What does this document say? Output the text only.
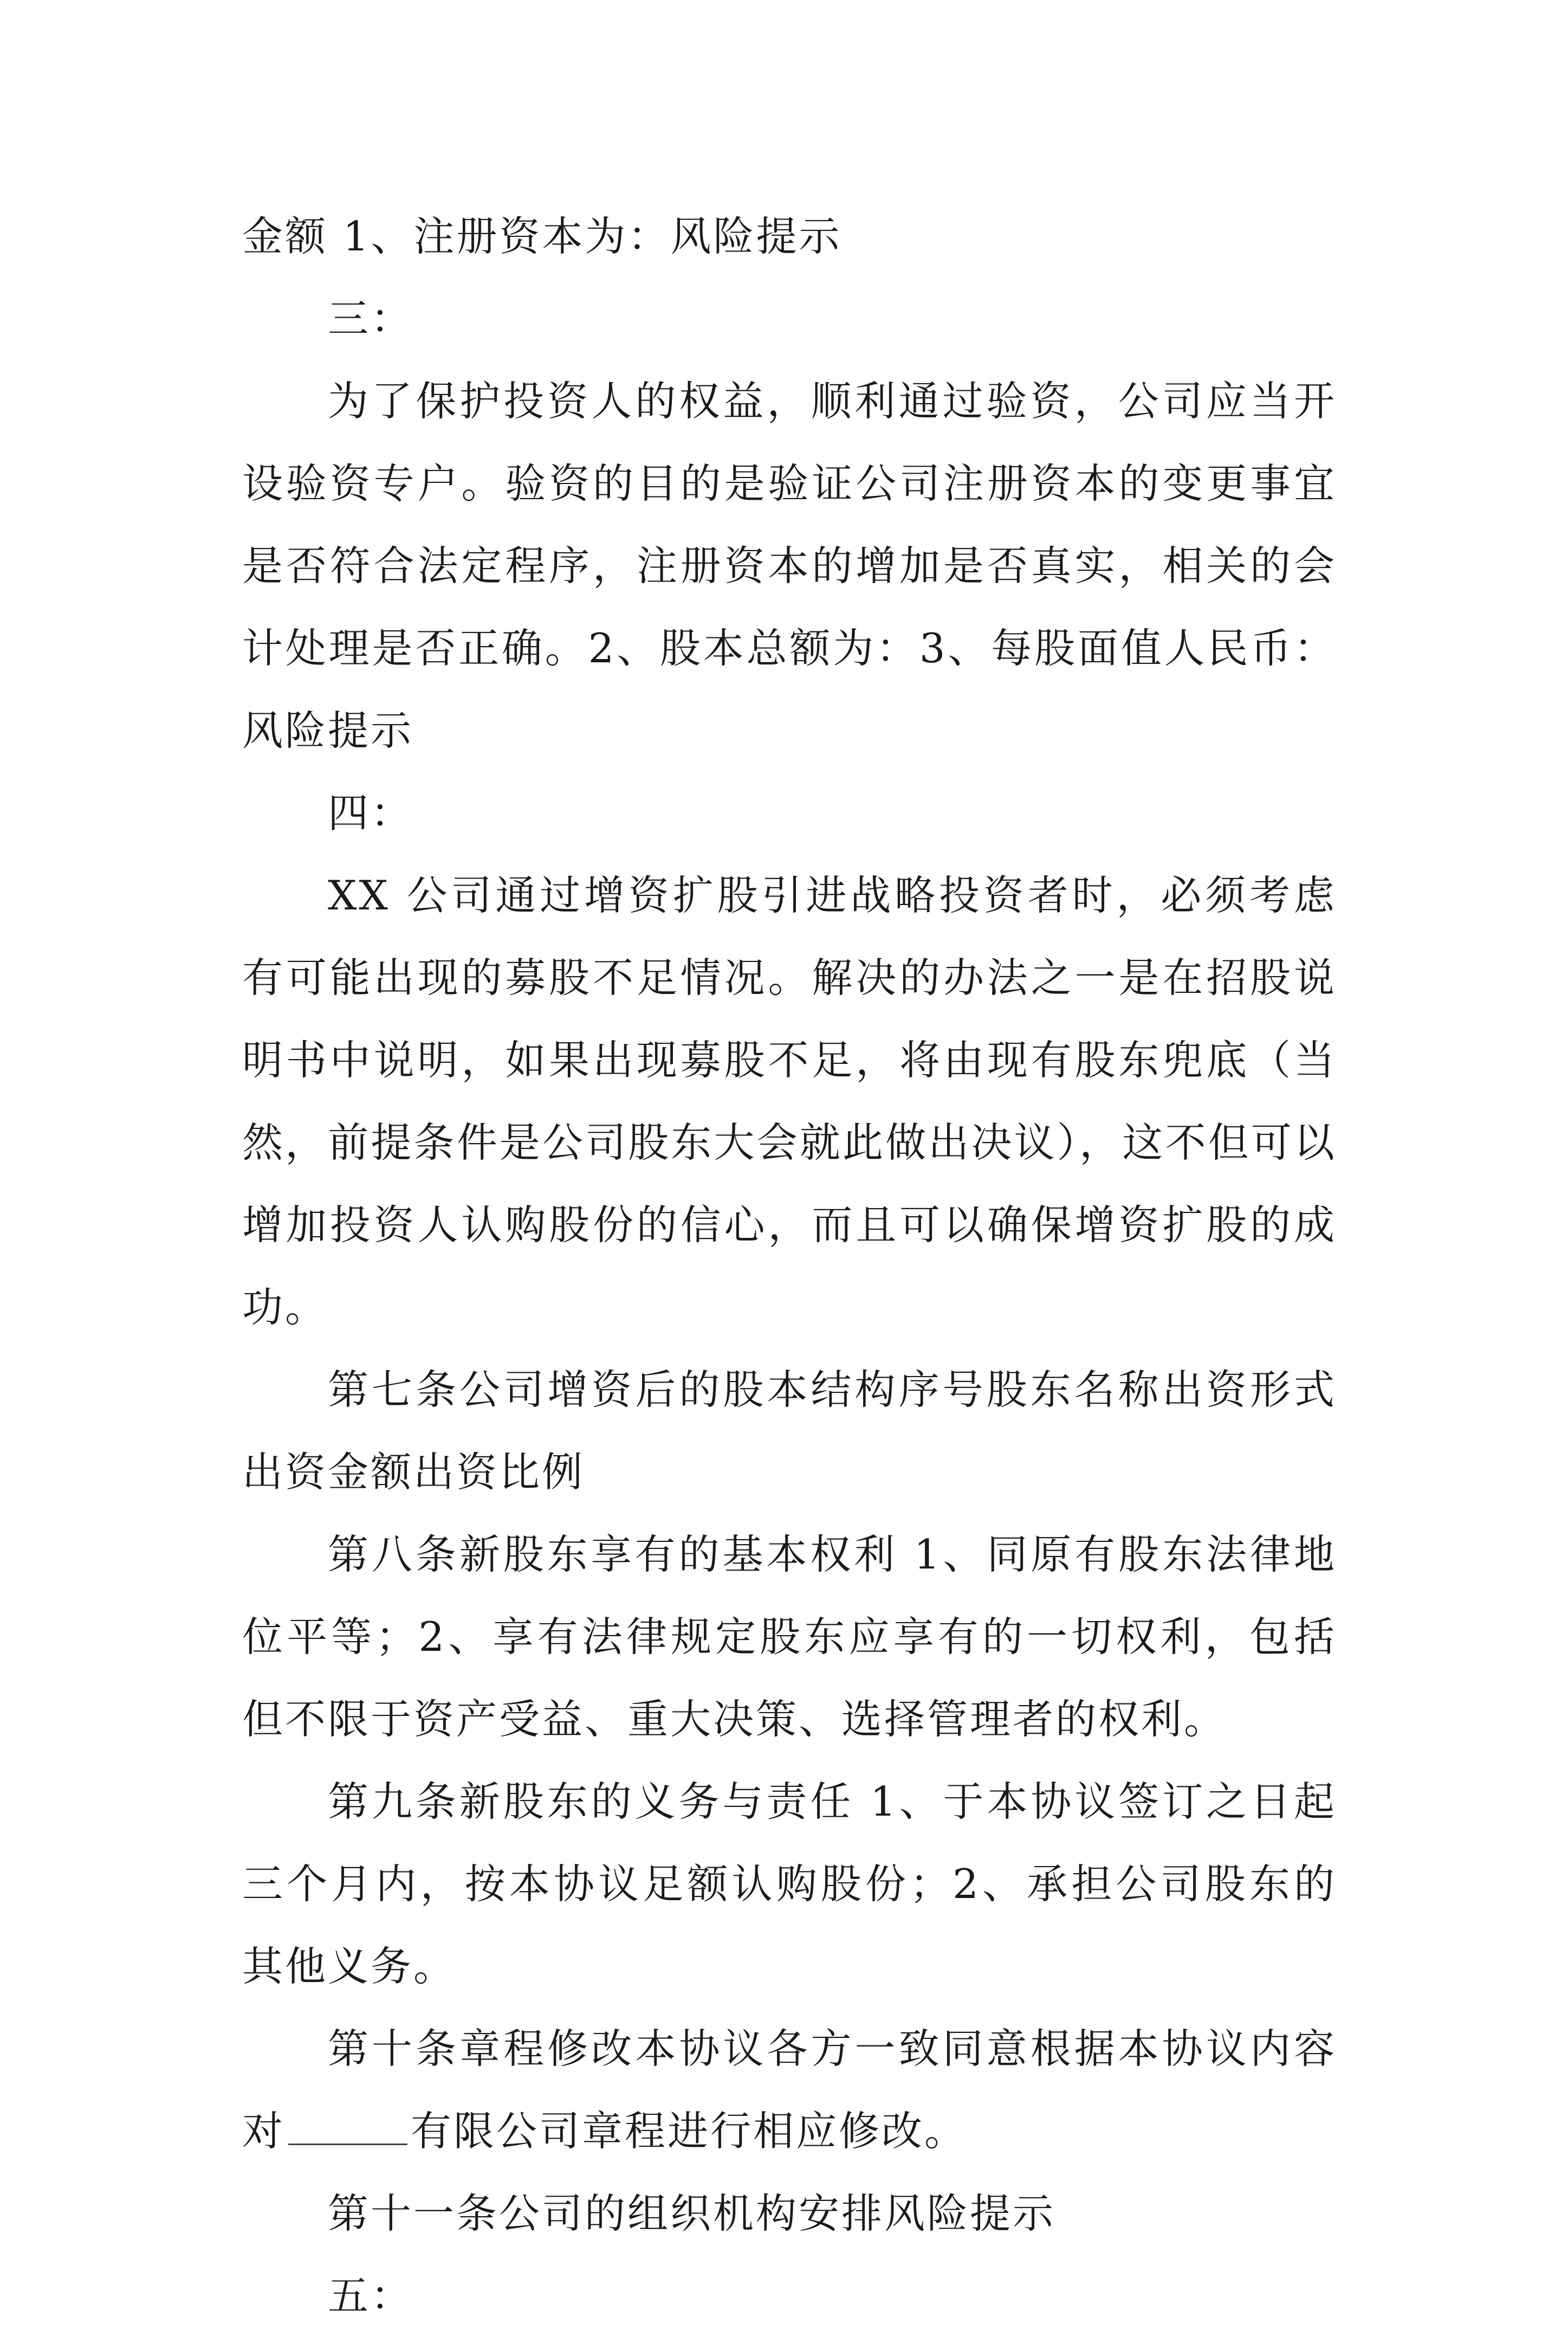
金额 1、注册资本为：风险提示

三：

为了保护投资人的权益，顺利通过验资，公司应当开设验资专户。验资的目的是验证公司注册资本的变更事宜是否符合法定程序，注册资本的增加是否真实，相关的会计处理是否正确。2、股本总额为：3、每股面值人民币：风险提示

四：

XX 公司通过增资扩股引进战略投资者时，必须考虑有可能出现的募股不足情况。解决的办法之一是在招股说明书中说明，如果出现募股不足，将由现有股东兜底（当然，前提条件是公司股东大会就此做出决议），这不但可以增加投资人认购股份的信心，而且可以确保增资扩股的成功。

第七条公司增资后的股本结构序号股东名称出资形式出资金额出资比例

第八条新股东享有的基本权利 1、同原有股东法律地位平等；2、享有法律规定股东应享有的一切权利，包括但不限于资产受益、重大决策、选择管理者的权利。

第九条新股东的义务与责任 1、于本协议签订之日起三个月内，按本协议足额认购股份；2、承担公司股东的其他义务。

第十条章程修改本协议各方一致同意根据本协议内容对	有限公司章程进行相应修改。

第十一条公司的组织机构安排风险提示

五：
